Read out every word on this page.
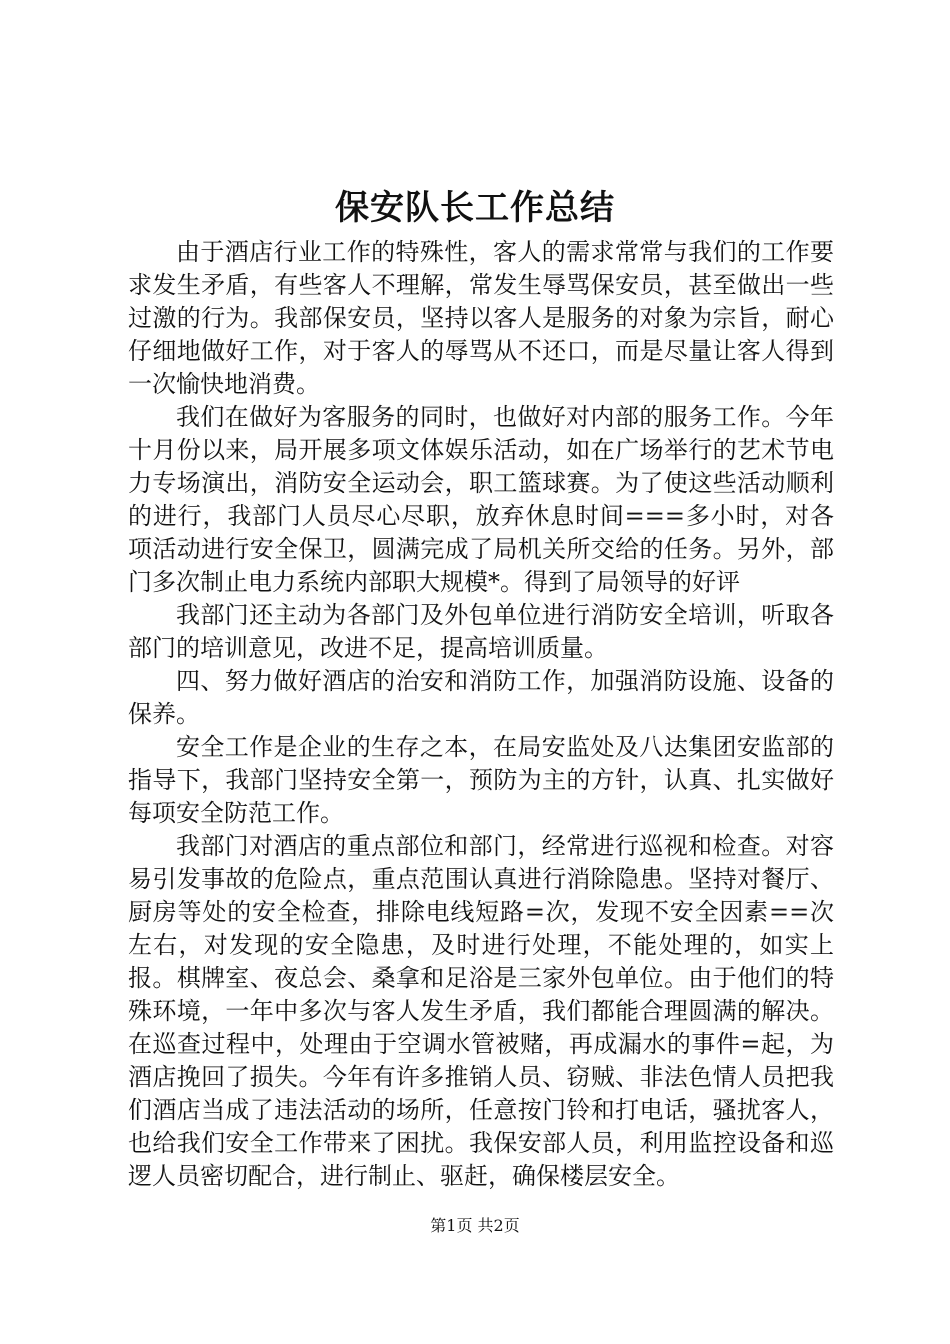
保安队长工作总结

由于酒店行业工作的特殊性，客人的需求常常与我们的工作要求发生矛盾，有些客人不理解，常发生辱骂保安员，甚至做出一些过激的行为。我部保安员，坚持以客人是服务的对象为宗旨，耐心仔细地做好工作，对于客人的辱骂从不还口，而是尽量让客人得到一次愉快地消费。

我们在做好为客服务的同时，也做好对内部的服务工作。今年十月份以来，局开展多项文体娱乐活动，如在广场举行的艺术节电力专场演出，消防安全运动会，职工篮球赛。为了使这些活动顺利的进行，我部门人员尽心尽职，放弃休息时间===多小时，对各项活动进行安全保卫，圆满完成了局机关所交给的任务。另外，部门多次制止电力系统内部职大规模*。得到了局领导的好评

我部门还主动为各部门及外包单位进行消防安全培训，听取各部门的培训意见，改进不足，提高培训质量。

四、努力做好酒店的治安和消防工作，加强消防设施、设备的保养。

安全工作是企业的生存之本，在局安监处及八达集团安监部的指导下，我部门坚持安全第一，预防为主的方针，认真、扎实做好每项安全防范工作。

我部门对酒店的重点部位和部门，经常进行巡视和检查。对容易引发事故的危险点，重点范围认真进行消除隐患。坚持对餐厅、厨房等处的安全检查，排除电线短路=次，发现不安全因素==次左右，对发现的安全隐患，及时进行处理，不能处理的，如实上报。棋牌室、夜总会、桑拿和足浴是三家外包单位。由于他们的特殊环境，一年中多次与客人发生矛盾，我们都能合理圆满的解决。在巡查过程中，处理由于空调水管被赌，再成漏水的事件=起，为酒店挽回了损失。今年有许多推销人员、窃贼、非法色情人员把我们酒店当成了违法活动的场所，任意按门铃和打电话，骚扰客人，也给我们安全工作带来了困扰。我保安部人员，利用监控设备和巡逻人员密切配合，进行制止、驱赶，确保楼层安全。

第1页 共2页
